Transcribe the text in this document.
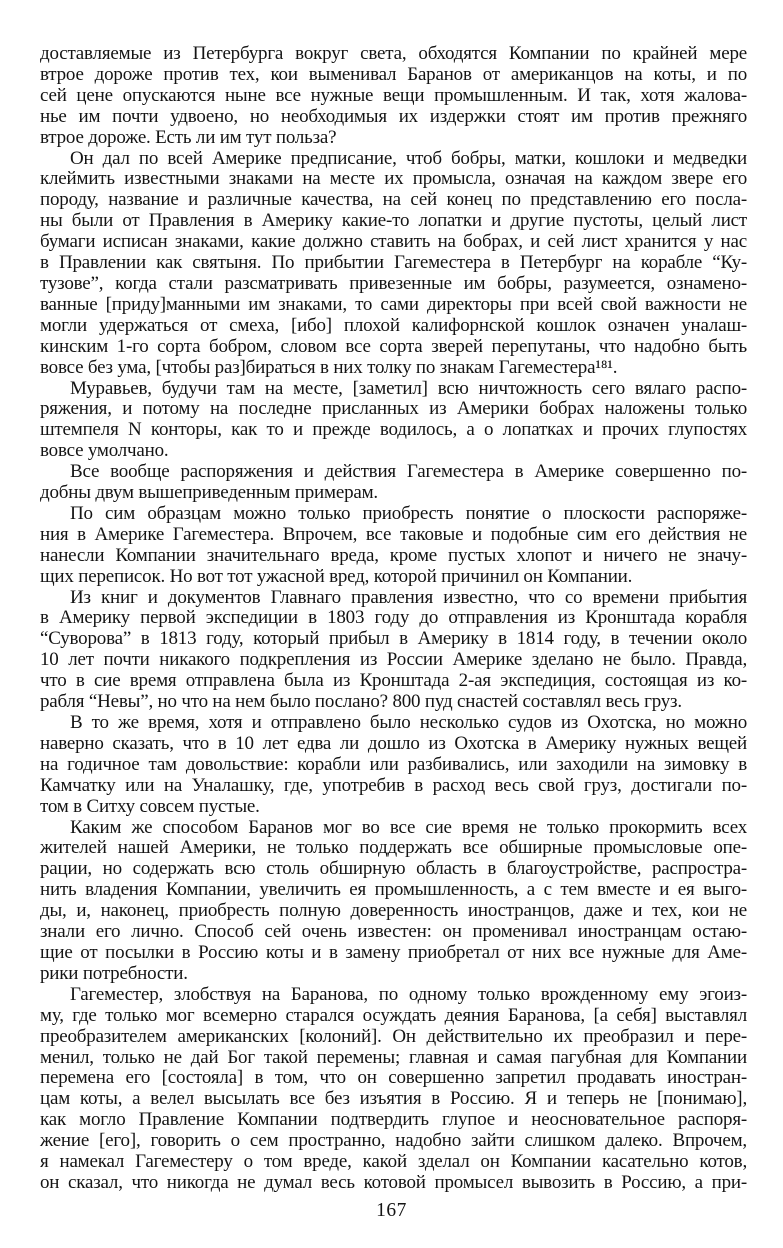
доставляемые из Петербурга вокруг света, обходятся Компании по крайней мере
втрое дороже против тех, кои выменивал Баранов от американцов на коты, и по
сей цене опускаются ныне все нужные вещи промышленным. И так, хотя жалова-
нье им почти удвоено, но необходимыя их издержки стоят им против прежняго
втрое дороже. Есть ли им тут польза?
Он дал по всей Америке предписание, чтоб бобры, матки, кошлоки и медведки
клеймить известными знаками на месте их промысла, означая на каждом звере его
породу, название и различные качества, на сей конец по представлению его посла-
ны были от Правления в Америку какие-то лопатки и другие пустоты, целый лист
бумаги исписан знаками, какие должно ставить на бобрах, и сей лист хранится у нас
в Правлении как святыня. По прибытии Гагеместера в Петербург на корабле “Ку-
тузове”, когда стали разсматривать привезенные им бобры, разумеется, ознамено-
ванные [приду]манными им знаками, то сами директоры при всей свой важности не
могли удержаться от смеха, [ибо] плохой калифорнской кошлок означен уналаш-
кинским 1-го сорта бобром, словом все сорта зверей перепутаны, что надобно быть
вовсе без ума, [чтобы раз]бираться в них толку по знакам Гагеместера¹⁸¹.
Муравьев, будучи там на месте, [заметил] всю ничтожность сего вялаго распо-
ряжения, и потому на последне присланных из Америки бобрах наложены только
штемпеля N конторы, как то и прежде водилось, а о лопатках и прочих глупостях
вовсе умолчано.
Все вообще распоряжения и действия Гагеместера в Америке совершенно по-
добны двум вышеприведенным примерам.
По сим образцам можно только приобресть понятие о плоскости распоряже-
ния в Америке Гагеместера. Впрочем, все таковые и подобные сим его действия не
нанесли Компании значительнаго вреда, кроме пустых хлопот и ничего не значу-
щих переписок. Но вот тот ужасной вред, которой причинил он Компании.
Из книг и документов Главнаго правления известно, что со времени прибытия
в Америку первой экспедиции в 1803 году до отправления из Кронштада корабля
“Суворова” в 1813 году, который прибыл в Америку в 1814 году, в течении около
10 лет почти никакого подкрепления из России Америке зделано не было. Правда,
что в сие время отправлена была из Кронштада 2-ая экспедиция, состоящая из ко-
рабля “Невы”, но что на нем было послано? 800 пуд снастей составлял весь груз.
В то же время, хотя и отправлено было несколько судов из Охотска, но можно
наверно сказать, что в 10 лет едва ли дошло из Охотска в Америку нужных вещей
на годичное там довольствие: корабли или разбивались, или заходили на зимовку в
Камчатку или на Уналашку, где, употребив в расход весь свой груз, достигали по-
том в Ситху совсем пустые.
Каким же способом Баранов мог во все сие время не только прокормить всех
жителей нашей Америки, не только поддержать все обширные промысловые опе-
рации, но содержать всю столь обширную область в благоустройстве, распростра-
нить владения Компании, увеличить ея промышленность, а с тем вместе и ея выго-
ды, и, наконец, приобресть полную доверенность иностранцов, даже и тех, кои не
знали его лично. Способ сей очень известен: он променивал иностранцам остаю-
щие от посылки в Россию коты и в замену приобретал от них все нужные для Аме-
рики потребности.
Гагеместер, злобствуя на Баранова, по одному только врожденному ему эгоиз-
му, где только мог всемерно старался осуждать деяния Баранова, [а себя] выставлял
преобразителем американских [колоний]. Он действительно их преобразил и пере-
менил, только не дай Бог такой перемены; главная и самая пагубная для Компании
перемена его [состояла] в том, что он совершенно запретил продавать иностран-
цам коты, а велел высылать все без изъятия в Россию. Я и теперь не [понимаю],
как могло Правление Компании подтвердить глупое и неосновательное распоря-
жение [его], говорить о сем пространно, надобно зайти слишком далеко. Впрочем,
я намекал Гагеместеру о том вреде, какой зделал он Компании касательно котов,
он сказал, что никогда не думал весь котовой промысел вывозить в Россию, а при-
167
